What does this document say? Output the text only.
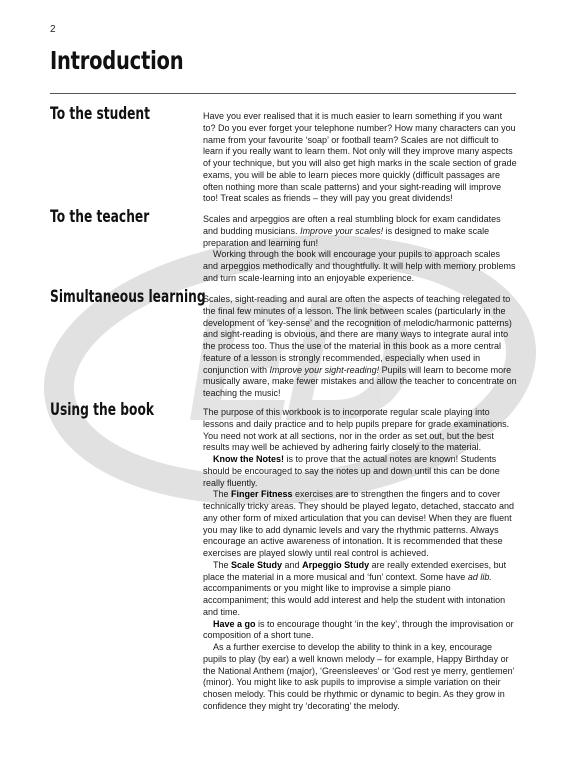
2
Introduction
To the student	Have you ever realised that it is much easier to learn something if you want to? Do you ever forget your telephone number? How many characters can you name from your favourite ‘soap’ or football team? Scales are not difficult to learn if you really want to learn them. Not only will they improve many aspects of your technique, but you will also get high marks in the scale section of grade exams, you will be able to learn pieces more quickly (difficult passages are often nothing more than scale patterns) and your sight-reading will improve too! Treat scales as friends – they will pay you great dividends!

To the teacher	Scales and arpeggios are often a real stumbling block for exam candidates and budding musicians. Improve your scales! is designed to make scale preparation and learning fun!

Working through the book will encourage your pupils to approach scales and arpeggios methodically and thoughtfully. It will help with memory problems and turn scale-learning into an enjoyable experience.

Simultaneous learning

Scales, sight-reading and aural are often the aspects of teaching relegated to the final few minutes of a lesson. The link between scales (particularly in the development of ‘key-sense’ and the recognition of melodic/harmonic patterns) and sight-reading is obvious, and there are many ways to integrate aural into the process too. Thus the use of the material in this book as a more central feature of a lesson is strongly recommended, especially when used in conjunction with Improve your sight-reading! Pupils will learn to become more musically aware, make fewer mistakes and allow the teacher to concentrate on teaching the music!

Using the book	The purpose of this workbook is to incorporate regular scale playing into lessons and daily practice and to help pupils prepare for grade examinations. You need not work at all sections, nor in the order as set out, but the best results may well be achieved by adhering fairly closely to the material.

Know the Notes! is to prove that the actual notes are known! Students should be encouraged to say the notes up and down until this can be done really fluently.

The Finger Fitness exercises are to strengthen the fingers and to cover technically tricky areas. They should be played legato, detached, staccato and any other form of mixed articulation that you can devise! When they are fluent you may like to add dynamic levels and vary the rhythmic patterns. Always encourage an active awareness of intonation. It is recommended that these exercises are played slowly until real control is achieved.

The Scale Study and Arpeggio Study are really extended exercises, but place the material in a more musical and ‘fun’ context. Some have ad lib. accompaniments or you might like to improvise a simple piano accompaniment; this would add interest and help the student with intonation and time.

Have a go is to encourage thought ‘in the key’, through the improvisation or composition of a short tune.

As a further exercise to develop the ability to think in a key, encourage pupils to play (by ear) a well known melody – for example, Happy Birthday or the National Anthem (major), ‘Greensleeves’ or ‘God rest ye merry, gentlemen’ (minor). You might like to ask pupils to improvise a simple variation on their chosen melody. This could be rhythmic or dynamic to begin. As they grow in confidence they might try ‘decorating’ the melody.
